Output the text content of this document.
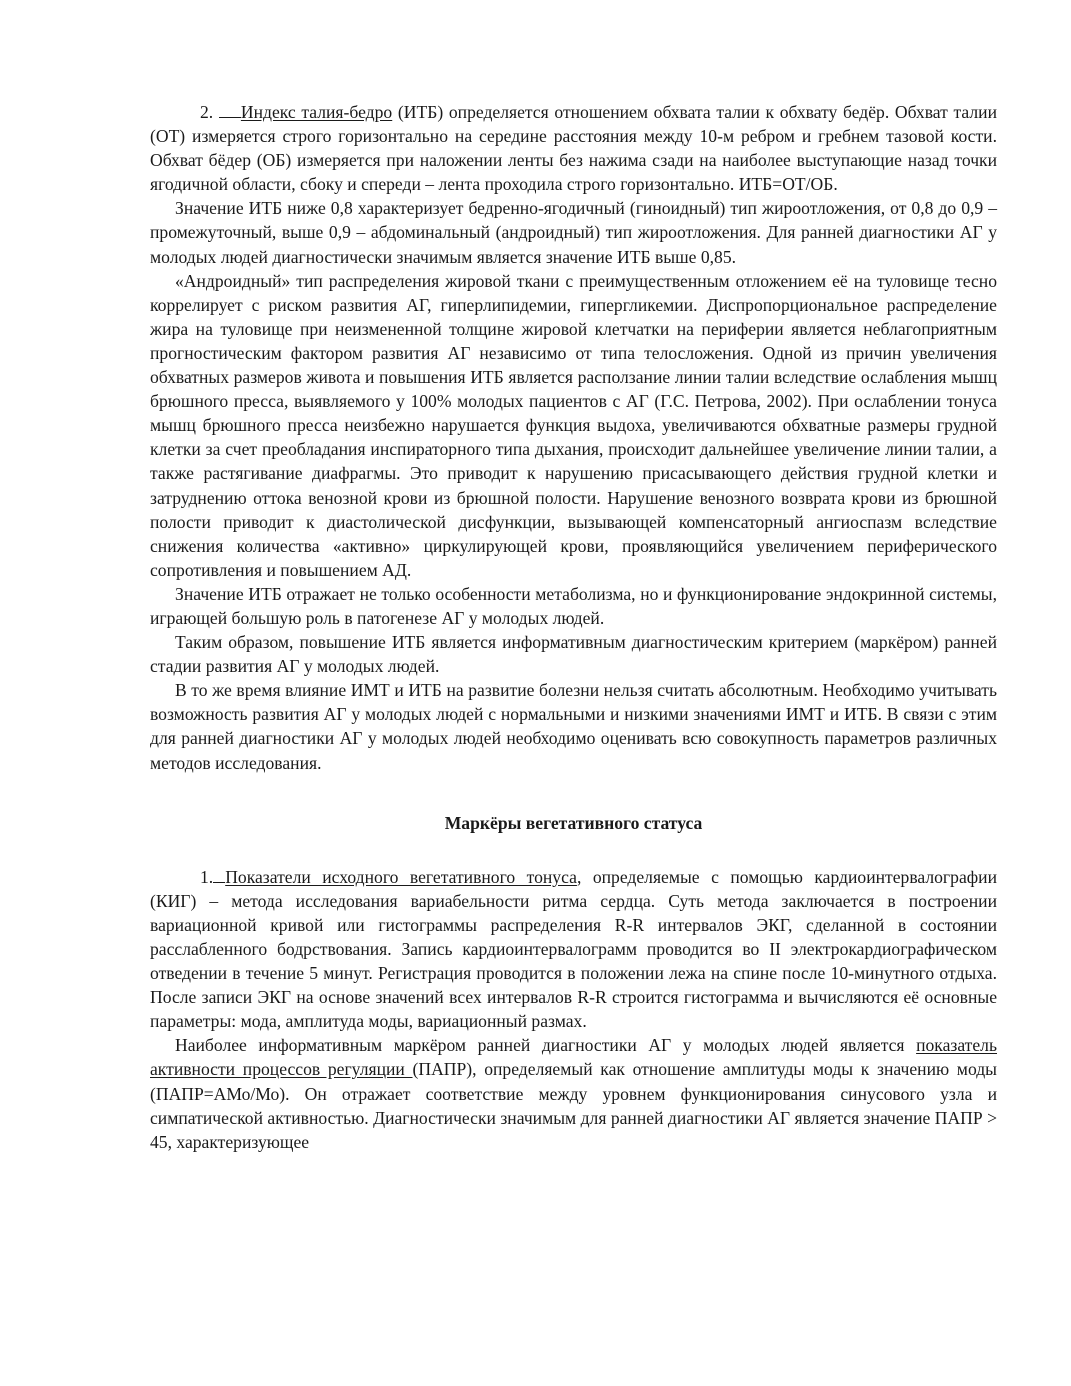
2. Индекс талия-бедро (ИТБ) определяется отношением обхвата талии к обхвату бедёр. Обхват талии (ОТ) измеряется строго горизонтально на середине расстояния между 10-м ребром и гребнем тазовой кости. Обхват бёдер (ОБ) измеряется при наложении ленты без нажима сзади на наиболее выступающие назад точки ягодичной области, сбоку и спереди – лента проходила строго горизонтально. ИТБ=ОТ/ОБ.

Значение ИТБ ниже 0,8 характеризует бедренно-ягодичный (гиноидный) тип жироотложения, от 0,8 до 0,9 – промежуточный, выше 0,9 – абдоминальный (андроидный) тип жироотложения. Для ранней диагностики АГ у молодых людей диагностически значимым является значение ИТБ выше 0,85.

«Андроидный» тип распределения жировой ткани с преимущественным отложением её на туловище тесно коррелирует с риском развития АГ, гиперлипидемии, гипергликемии. Диспропорциональное распределение жира на туловище при неизмененной толщине жировой клетчатки на периферии является неблагоприятным прогностическим фактором развития АГ независимо от типа телосложения. Одной из причин увеличения обхватных размеров живота и повышения ИТБ является расползание линии талии вследствие ослабления мышц брюшного пресса, выявляемого у 100% молодых пациентов с АГ (Г.С. Петрова, 2002). При ослаблении тонуса мышц брюшного пресса неизбежно нарушается функция выдоха, увеличиваются обхватные размеры грудной клетки за счет преобладания инспираторного типа дыхания, происходит дальнейшее увеличение линии талии, а также растягивание диафрагмы. Это приводит к нарушению присасывающего действия грудной клетки и затруднению оттока венозной крови из брюшной полости. Нарушение венозного возврата крови из брюшной полости приводит к диастолической дисфункции, вызывающей компенсаторный ангиоспазм вследствие снижения количества «активно» циркулирующей крови, проявляющийся увеличением периферического сопротивления и повышением АД.

Значение ИТБ отражает не только особенности метаболизма, но и функционирование эндокринной системы, играющей большую роль в патогенезе АГ у молодых людей.

Таким образом, повышение ИТБ является информативным диагностическим критерием (маркёром) ранней стадии развития АГ у молодых людей.

В то же время влияние ИМТ и ИТБ на развитие болезни нельзя считать абсолютным. Необходимо учитывать возможность развития АГ у молодых людей с нормальными и низкими значениями ИМТ и ИТБ. В связи с этим для ранней диагностики АГ у молодых людей необходимо оценивать всю совокупность параметров различных методов исследования.

Маркёры вегетативного статуса

1. Показатели исходного вегетативного тонуса, определяемые с помощью кардиоинтервалографии (КИГ) – метода исследования вариабельности ритма сердца. Суть метода заключается в построении вариационной кривой или гистограммы распределения R-R интервалов ЭКГ, сделанной в состоянии расслабленного бодрствования. Запись кардиоинтервалограмм проводится во II электрокардиографическом отведении в течение 5 минут. Регистрация проводится в положении лежа на спине после 10-минутного отдыха. После записи ЭКГ на основе значений всех интервалов R-R строится гистограмма и вычисляются её основные параметры: мода, амплитуда моды, вариационный размах.

Наиболее информативным маркёром ранней диагностики АГ у молодых людей является показатель активности процессов регуляции (ПАПР), определяемый как отношение амплитуды моды к значению моды (ПАПР=АМо/Мо). Он отражает соответствие между уровнем функционирования синусового узла и симпатической активностью. Диагностически значимым для ранней диагностики АГ является значение ПАПР > 45, характеризующее
